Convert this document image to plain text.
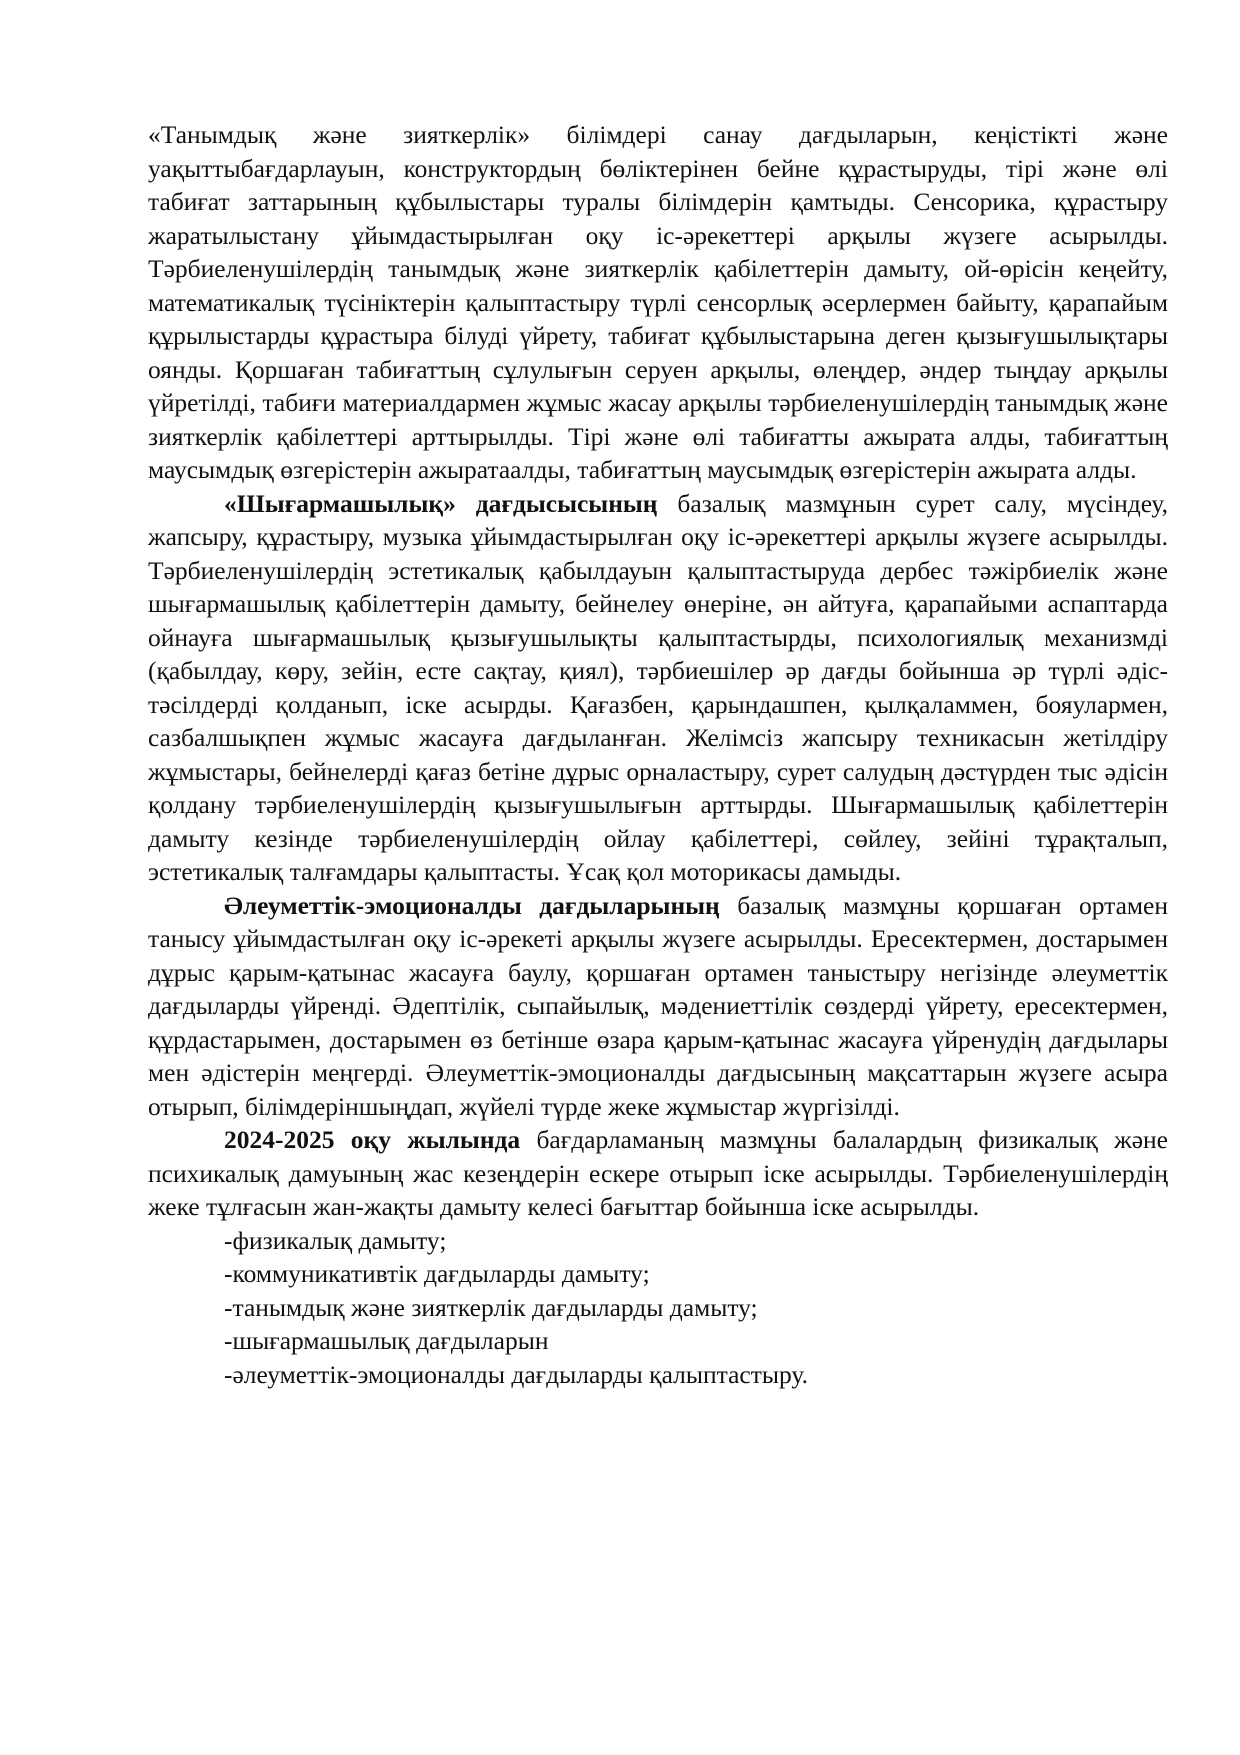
«Танымдық және зияткерлік» білімдері санау дағдыларын, кеңістікті және уақыттыбағдарлауын, конструктордың бөліктерінен бейне құрастыруды, тірі және өлі табиғат заттарының құбылыстары туралы білімдерін қамтыды. Сенсорика, құрастыру жаратылыстану ұйымдастырылған оқу іс-әрекеттері арқылы жүзеге асырылды. Тәрбиеленушілердің танымдық және зияткерлік қабілеттерін дамыту, ой-өрісін кеңейту, математикалық түсініктерін қалыптастыру түрлі сенсорлық әсерлермен байыту, қарапайым құрылыстарды құрастыра білуді үйрету, табиғат құбылыстарына деген қызығушылықтары оянды. Қоршаған табиғаттың сұлулығын серуен арқылы, өлеңдер, әндер тыңдау арқылы үйретілді, табиғи материалдармен жұмыс жасау арқылы тәрбиеленушілердің танымдық және зияткерлік қабілеттері арттырылды. Тірі және өлі табиғатты ажырата алды, табиғаттың маусымдық өзгерістерін ажыратаалды, табиғаттың маусымдық өзгерістерін ажырата алды.

«Шығармашылық» дағдысысының базалық мазмұнын сурет салу, мүсіндеу, жапсыру, құрастыру, музыка ұйымдастырылған оқу іс-әрекеттері арқылы жүзеге асырылды. Тәрбиеленушілердің эстетикалық қабылдауын қалыптастыруда дербес тәжірбиелік және шығармашылық қабілеттерін дамыту, бейнелеу өнеріне, ән айтуға, қарапайыми аспаптарда ойнауға шығармашылық қызығушылықты қалыптастырды, психологиялық механизмді (қабылдау, көру, зейін, есте сақтау, қиял), тәрбиешілер әр дағды бойынша әр түрлі әдіс-тәсілдерді қолданып, іске асырды. Қағазбен, қарындашпен, қылқаламмен, бояулармен, сазбалшықпен жұмыс жасауға дағдыланған. Желімсіз жапсыру техникасын жетілдіру жұмыстары, бейнелерді қағаз бетіне дұрыс орналастыру, сурет салудың дәстүрден тыс әдісін қолдану тәрбиеленушілердің қызығушылығын арттырды. Шығармашылық қабілеттерін дамыту кезінде тәрбиеленушілердің ойлау қабілеттері, сөйлеу, зейіні тұрақталып, эстетикалық талғамдары қалыптасты. Ұсақ қол моторикасы дамыды.

Әлеуметтік-эмоционалды дағдыларының базалық мазмұны қоршаған ортамен танысу ұйымдастылған оқу іс-әрекеті арқылы жүзеге асырылды. Ересектермен, достарымен дұрыс қарым-қатынас жасауға баулу, қоршаған ортамен таныстыру негізінде әлеуметтік дағдыларды үйренді. Әдептілік, сыпайылық, мәдениеттілік сөздерді үйрету, ересектермен, құрдастарымен, достарымен өз бетінше өзара қарым-қатынас жасауға үйренудің дағдылары мен әдістерін меңгерді. Әлеуметтік-эмоционалды дағдысының мақсаттарын жүзеге асыра отырып, білімдеріншыңдап, жүйелі түрде жеке жұмыстар жүргізілді.

2024-2025 оқу жылында бағдарламаның мазмұны балалардың физикалық және психикалық дамуының жас кезеңдерін ескере отырып іске асырылды. Тәрбиеленушілердің жеке тұлғасын жан-жақты дамыту келесі бағыттар бойынша іске асырылды.

-физикалық дамыту;
-коммуникативтік дағдыларды дамыту;
-танымдық және зияткерлік дағдыларды дамыту;
-шығармашылық дағдыларын
-әлеуметтік-эмоционалды дағдыларды қалыптастыру.
